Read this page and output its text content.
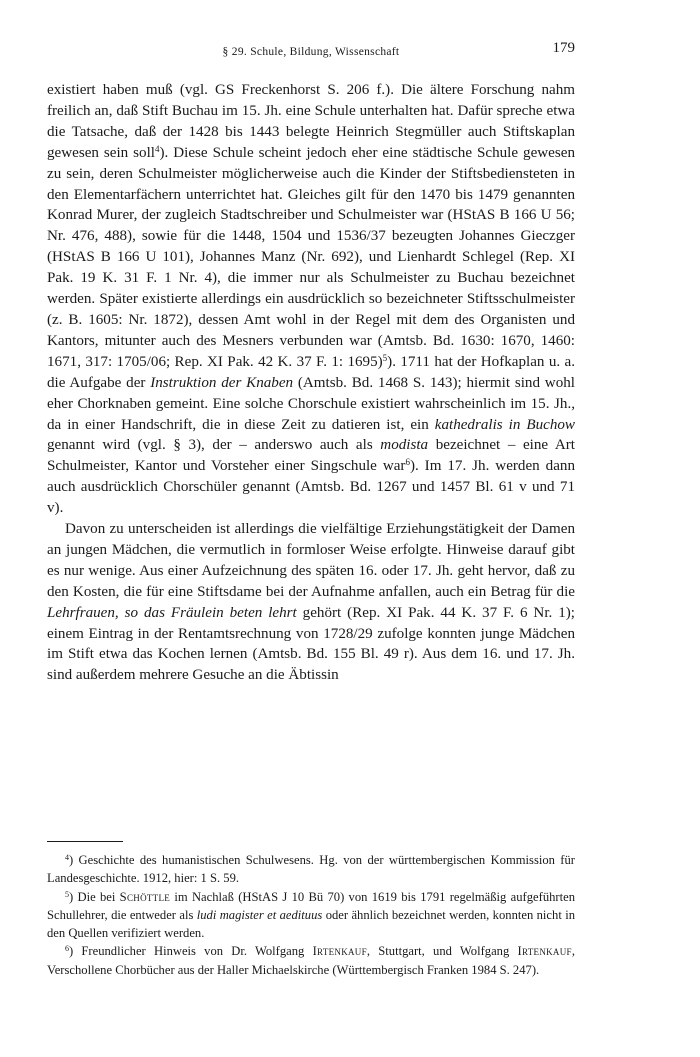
§ 29. Schule, Bildung, Wissenschaft	179

existiert haben muß (vgl. GS Freckenhorst S. 206 f.). Die ältere Forschung nahm freilich an, daß Stift Buchau im 15. Jh. eine Schule unterhalten hat. Dafür spreche etwa die Tatsache, daß der 1428 bis 1443 belegte Heinrich Stegmüller auch Stiftskaplan gewesen sein soll$^4$). Diese Schule scheint jedoch eher eine städtische Schule gewesen zu sein, deren Schulmeister möglicherweise auch die Kinder der Stiftsbediensteten in den Elementarfächern unterrichtet hat. Gleiches gilt für den 1470 bis 1479 genannten Konrad Murer, der zugleich Stadtschreiber und Schulmeister war (HStAS B 166 U 56; Nr. 476, 488), sowie für die 1448, 1504 und 1536/37 bezeugten Johannes Gieczger (HStAS B 166 U 101), Johannes Manz (Nr. 692), und Lienhardt Schlegel (Rep. XI Pak. 19 K. 31 F. 1 Nr. 4), die immer nur als Schulmeister zu Buchau bezeichnet werden. Später existierte allerdings ein ausdrücklich so bezeichneter Stiftsschulmeister (z. B. 1605: Nr. 1872), dessen Amt wohl in der Regel mit dem des Organisten und Kantors, mitunter auch des Mesners verbunden war (Amtsb. Bd. 1630: 1670, 1460: 1671, 317: 1705/06; Rep. XI Pak. 42 K. 37 F. 1: 1695)$^5$). 1711 hat der Hofkaplan u. a. die Aufgabe der Instruktion der Knaben (Amtsb. Bd. 1468 S. 143); hiermit sind wohl eher Chorknaben gemeint. Eine solche Chorschule existiert wahrscheinlich im 15. Jh., da in einer Handschrift, die in diese Zeit zu datieren ist, ein kathedralis in Buchow genannt wird (vgl. § 3), der – anderswo auch als modista bezeichnet – eine Art Schulmeister, Kantor und Vorsteher einer Singschule war$^6$). Im 17. Jh. werden dann auch ausdrücklich Chorschüler genannt (Amtsb. Bd. 1267 und 1457 Bl. 61 v und 71 v).

Davon zu unterscheiden ist allerdings die vielfältige Erziehungstätigkeit der Damen an jungen Mädchen, die vermutlich in formloser Weise erfolgte. Hinweise darauf gibt es nur wenige. Aus einer Aufzeichnung des späten 16. oder 17. Jh. geht hervor, daß zu den Kosten, die für eine Stiftsdame bei der Aufnahme anfallen, auch ein Betrag für die Lehrfrauen, so das Fräulein beten lehrt gehört (Rep. XI Pak. 44 K. 37 F. 6 Nr. 1); einem Eintrag in der Rentamtsrechnung von 1728/29 zufolge konnten junge Mädchen im Stift etwa das Kochen lernen (Amtsb. Bd. 155 Bl. 49 r). Aus dem 16. und 17. Jh. sind außerdem mehrere Gesuche an die Äbtissin

$^4$) Geschichte des humanistischen Schulwesens. Hg. von der württembergischen Kommission für Landesgeschichte. 1912, hier: 1 S. 59.

$^5$) Die bei Schöttle im Nachlaß (HStAS J 10 Bü 70) von 1619 bis 1791 regelmäßig aufgeführten Schullehrer, die entweder als ludi magister et aedituus oder ähnlich bezeichnet werden, konnten nicht in den Quellen verifiziert werden.

$^6$) Freundlicher Hinweis von Dr. Wolfgang Irtenkauf, Stuttgart, und Wolfgang Irtenkauf, Verschollene Chorbücher aus der Haller Michaelskirche (Württembergisch Franken 1984 S. 247).
